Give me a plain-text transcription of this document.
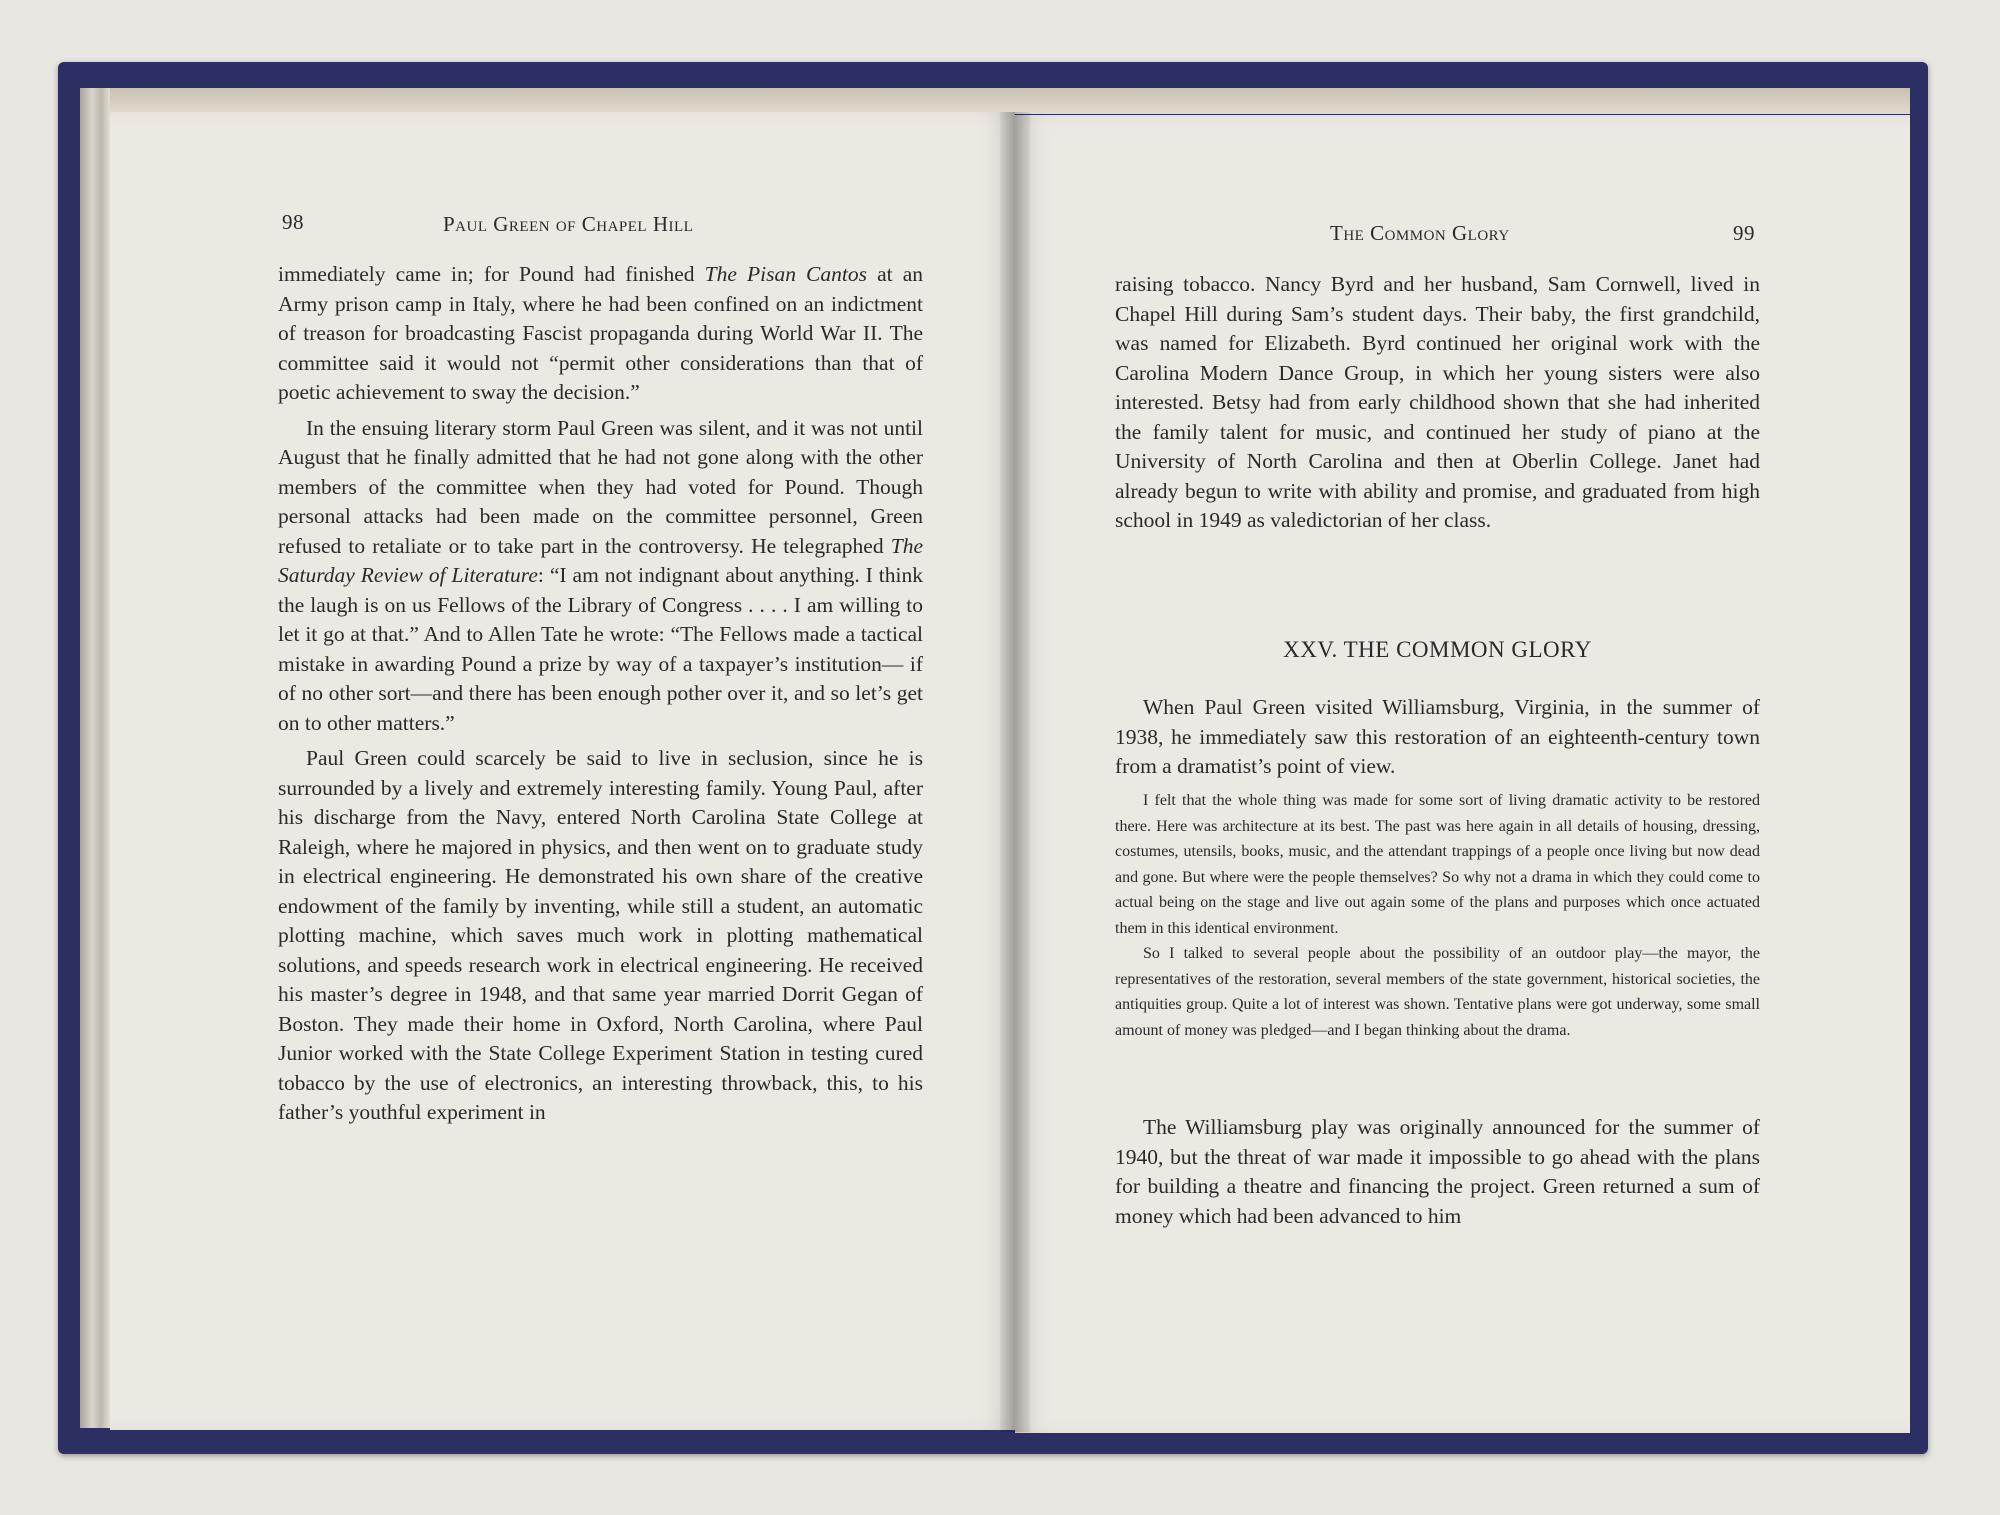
98	Paul Green of Chapel Hill

immediately came in; for Pound had finished The Pisan Cantos at an Army prison camp in Italy, where he had been confined on an indictment of treason for broadcasting Fascist propaganda during World War II. The committee said it would not “permit other considerations than that of poetic achievement to sway the decision.”

In the ensuing literary storm Paul Green was silent, and it was not until August that he finally admitted that he had not gone along with the other members of the committee when they had voted for Pound. Though personal attacks had been made on the committee personnel, Green refused to retaliate or to take part in the controversy. He telegraphed The Saturday Review of Literature: “I am not indignant about anything. I think the laugh is on us Fellows of the Library of Congress . . . . I am willing to let it go at that.” And to Allen Tate he wrote: “The Fellows made a tactical mistake in awarding Pound a prize by way of a taxpayer’s institution— if of no other sort—and there has been enough pother over it, and so let’s get on to other matters.”

Paul Green could scarcely be said to live in seclusion, since he is surrounded by a lively and extremely interesting family. Young Paul, after his discharge from the Navy, entered North Carolina State College at Raleigh, where he majored in physics, and then went on to graduate study in electrical engineering. He demonstrated his own share of the creative endowment of the family by inventing, while still a student, an automatic plotting machine, which saves much work in plotting mathematical solutions, and speeds research work in electrical engineering. He received his master’s degree in 1948, and that same year married Dorrit Gegan of Boston. They made their home in Oxford, North Carolina, where Paul Junior worked with the State College Experiment Station in testing cured tobacco by the use of electronics, an interesting throwback, this, to his father’s youthful experiment in

The Common Glory	99

raising tobacco. Nancy Byrd and her husband, Sam Cornwell, lived in Chapel Hill during Sam’s student days. Their baby, the first grandchild, was named for Elizabeth. Byrd continued her original work with the Carolina Modern Dance Group, in which her young sisters were also interested. Betsy had from early childhood shown that she had inherited the family talent for music, and continued her study of piano at the University of North Carolina and then at Oberlin College. Janet had already begun to write with ability and promise, and graduated from high school in 1949 as valedictorian of her class.

XXV. THE COMMON GLORY

When Paul Green visited Williamsburg, Virginia, in the summer of 1938, he immediately saw this restoration of an eighteenth-century town from a dramatist’s point of view.

I felt that the whole thing was made for some sort of living dramatic activity to be restored there. Here was architecture at its best. The past was here again in all details of housing, dressing, costumes, utensils, books, music, and the attendant trappings of a people once living but now dead and gone. But where were the people themselves? So why not a drama in which they could come to actual being on the stage and live out again some of the plans and purposes which once actuated them in this identical environment.

So I talked to several people about the possibility of an outdoor play—the mayor, the representatives of the restoration, several members of the state government, historical societies, the antiquities group. Quite a lot of interest was shown. Tentative plans were got underway, some small amount of money was pledged—and I began thinking about the drama.

The Williamsburg play was originally announced for the summer of 1940, but the threat of war made it impossible to go ahead with the plans for building a theatre and financing the project. Green returned a sum of money which had been advanced to him
